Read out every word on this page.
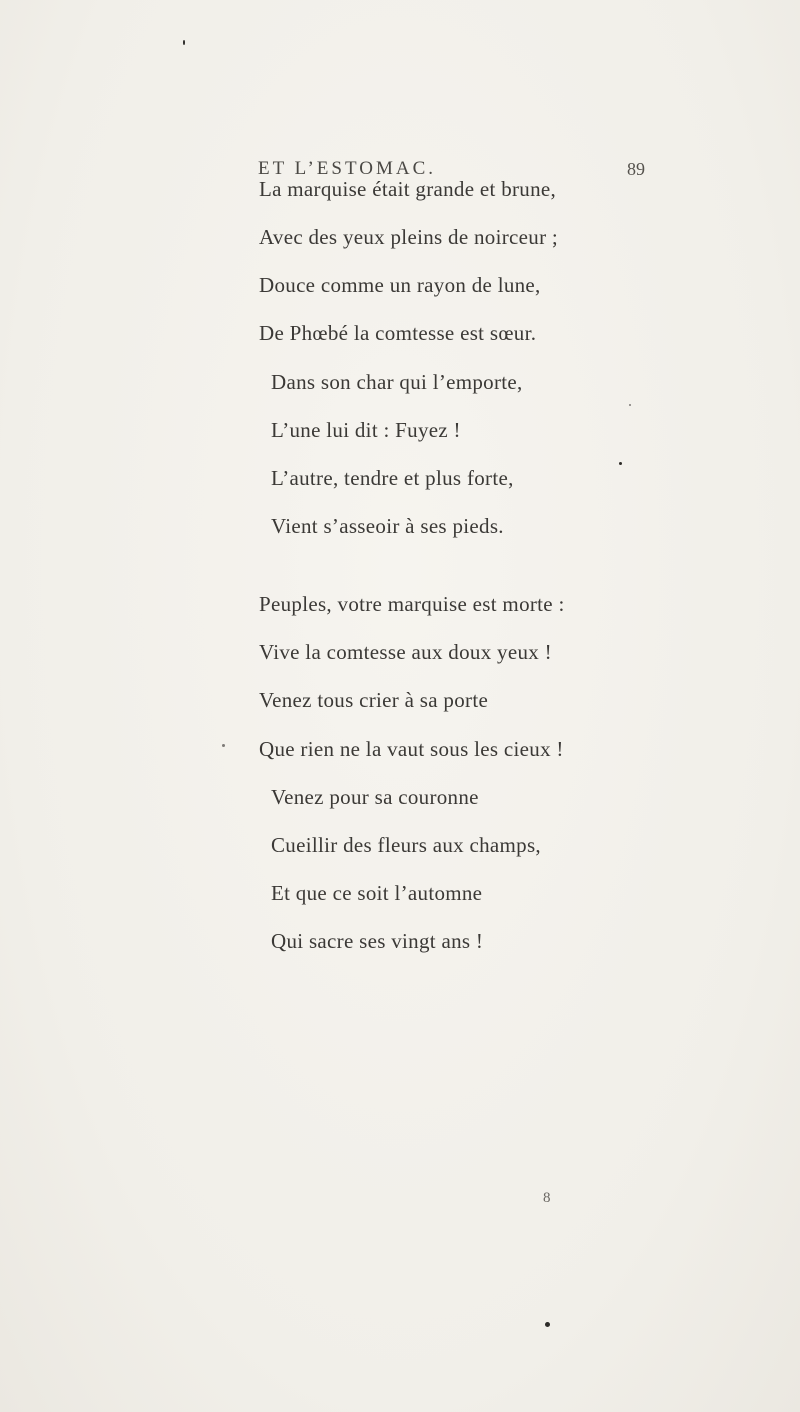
ET L’ESTOMAC.	89
La marquise était grande et brune,
Avec des yeux pleins de noirceur ;
Douce comme un rayon de lune,
De Phœbé la comtesse est sœur.
Dans son char qui l’emporte,
L’une lui dit : Fuyez !
L’autre, tendre et plus forte,
Vient s’asseoir à ses pieds.
Peuples, votre marquise est morte :
Vive la comtesse aux doux yeux !
Venez tous crier à sa porte
Que rien ne la vaut sous les cieux !
Venez pour sa couronne
Cueillir des fleurs aux champs,
Et que ce soit l’automne
Qui sacre ses vingt ans !
8
